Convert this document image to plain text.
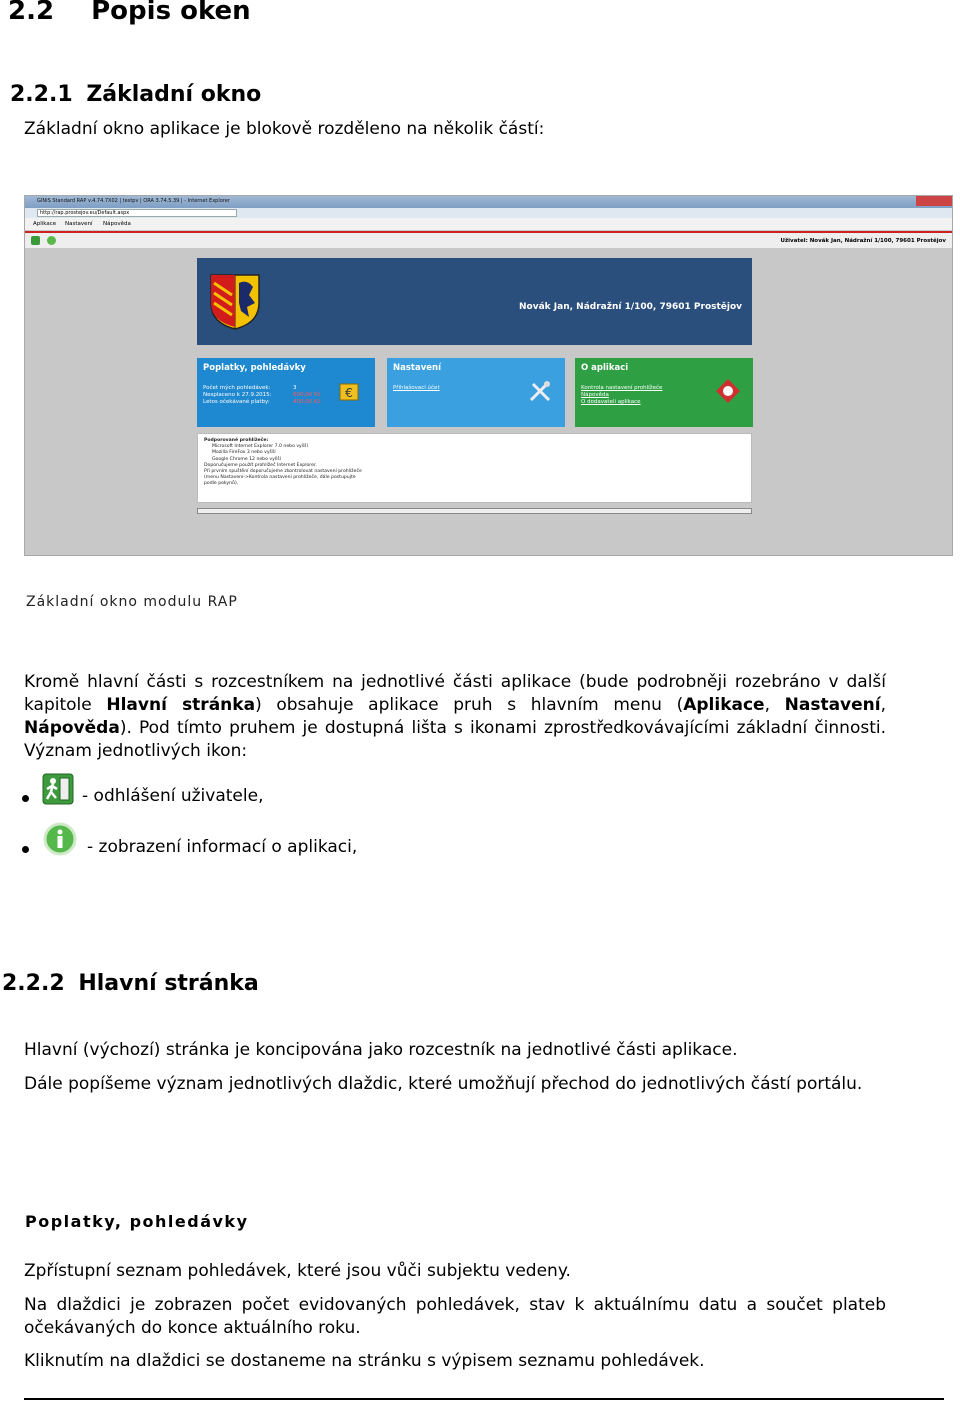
2.2 Popis oken
2.2.1 Základní okno
Základní okno aplikace je blokově rozděleno na několik částí:
GINIS Standard RAP v.4.74.7X02 | testpv | ORA 3.74.5.39 | - Internet Explorer
http://rap.prostejov.eu/Default.aspx
Aplikace Nastavení Nápověda
Uživatel: Novák Jan, Nádražní 1/100, 79601 Prostějov
Novák Jan, Nádražní 1/100, 79601 Prostějov
Poplatky, pohledávky
Počet mých pohledávek:
Nesplaceno k 27.9.2015:
Letos očekávané platby:
3
600,00 Kč
400,00 Kč
€
Nastavení
Přihlašovací účet
O aplikaci
Kontrola nastavení prohlížeče
Nápověda
O dodavateli aplikace
Podporované prohlížeče:
Microsoft Internet Explorer 7.0 nebo vyšší
Mozilla FireFox 3 nebo vyšší
Google Chrome 12 nebo vyšší
Doporučujeme použít prohlížeč Internet Explorer.
Při prvním spuštění doporučujeme zkontrolovat nastavení prohlížeče
(menu Nastavení->Kontrola nastavení prohlížeče, dále postupujte
podle pokynů).
Základní okno modulu RAP
Kromě hlavní části s rozcestníkem na jednotlivé části aplikace (bude podrobněji rozebráno v další kapitole Hlavní stránka) obsahuje aplikace pruh s hlavním menu (Aplikace, Nastavení, Nápověda). Pod tímto pruhem je dostupná lišta s ikonami zprostředkovávajícími základní činnosti. Význam jednotlivých ikon:
- odhlášení uživatele,
- zobrazení informací o aplikaci,
2.2.2 Hlavní stránka
Hlavní (výchozí) stránka je koncipována jako rozcestník na jednotlivé části aplikace.
Dále popíšeme význam jednotlivých dlaždic, které umožňují přechod do jednotlivých částí portálu.
Poplatky, pohledávky
Zpřístupní seznam pohledávek, které jsou vůči subjektu vedeny.
Na dlaždici je zobrazen počet evidovaných pohledávek, stav k aktuálnímu datu a součet plateb očekávaných do konce aktuálního roku.
Kliknutím na dlaždici se dostaneme na stránku s výpisem seznamu pohledávek.
